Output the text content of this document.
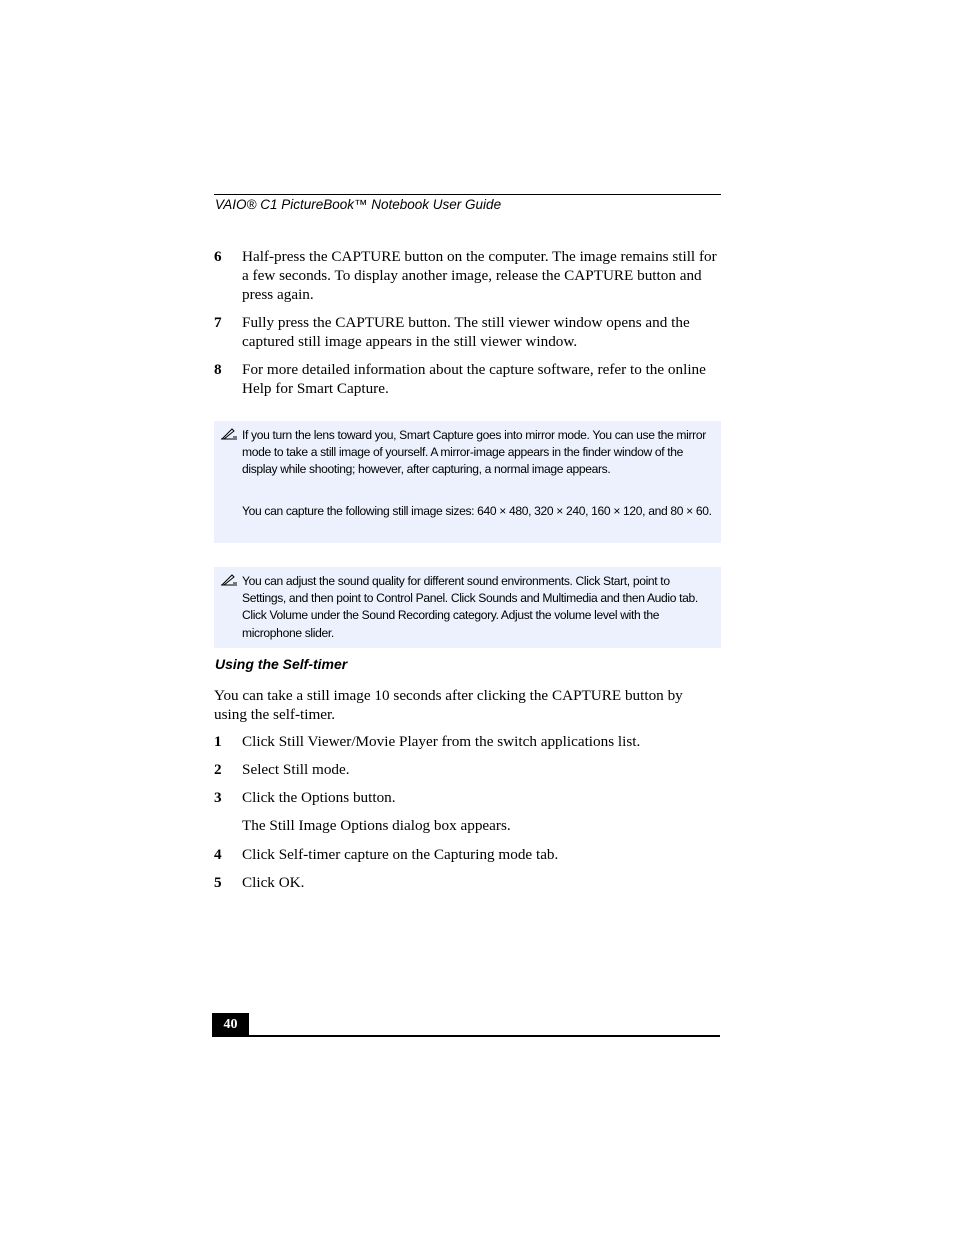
VAIO® C1 PictureBook™ Notebook User Guide
6 Half-press the CAPTURE button on the computer. The image remains still for a few seconds. To display another image, release the CAPTURE button and press again.
7 Fully press the CAPTURE button. The still viewer window opens and the captured still image appears in the still viewer window.
8 For more detailed information about the capture software, refer to the online Help for Smart Capture.
If you turn the lens toward you, Smart Capture goes into mirror mode. You can use the mirror mode to take a still image of yourself. A mirror-image appears in the finder window of the display while shooting; however, after capturing, a normal image appears.
You can capture the following still image sizes: 640 × 480, 320 × 240, 160 × 120, and 80 × 60.
You can adjust the sound quality for different sound environments. Click Start, point to Settings, and then point to Control Panel. Click Sounds and Multimedia and then Audio tab. Click Volume under the Sound Recording category. Adjust the volume level with the microphone slider.
Using the Self-timer
You can take a still image 10 seconds after clicking the CAPTURE button by using the self-timer.
1 Click Still Viewer/Movie Player from the switch applications list.
2 Select Still mode.
3 Click the Options button.
The Still Image Options dialog box appears.
4 Click Self-timer capture on the Capturing mode tab.
5 Click OK.
40
